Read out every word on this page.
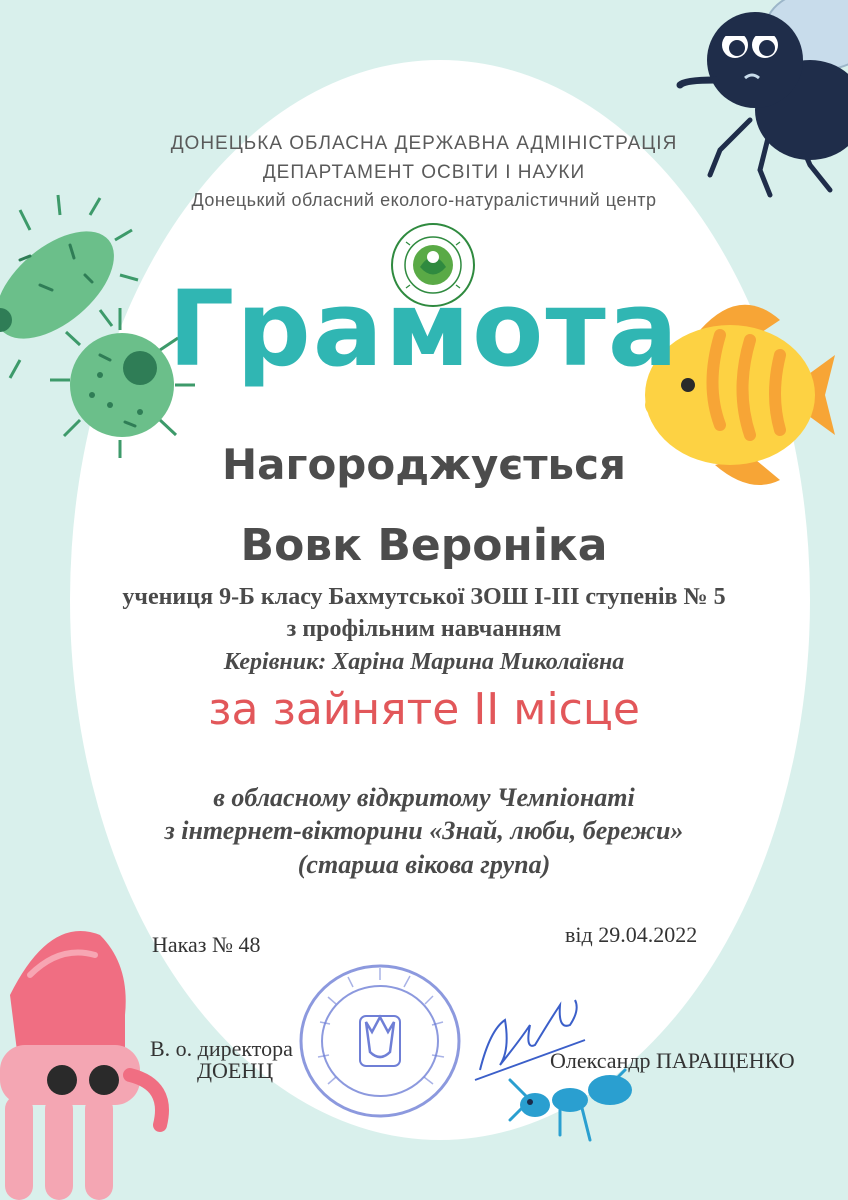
ДОНЕЦЬКА ОБЛАСНА ДЕРЖАВНА АДМІНІСТРАЦІЯ
ДЕПАРТАМЕНТ ОСВІТИ І НАУКИ
Донецький обласний еколого-натуралістичний центр
Грамота
Нагороджується
Вовк Вероніка
учениця 9-Б класу Бахмутської ЗОШ І-ІІІ ступенів № 5
з профільним навчанням
Керівник: Харіна Марина Миколаївна
за зайняте ІІ місце
в обласному відкритому Чемпіонаті
з інтернет-вікторини «Знай, люби, бережи»
(старша вікова група)
Наказ № 48	від 29.04.2022
В. о. директора
ДОЕНЦ	Олександр ПАРАЩЕНКО
